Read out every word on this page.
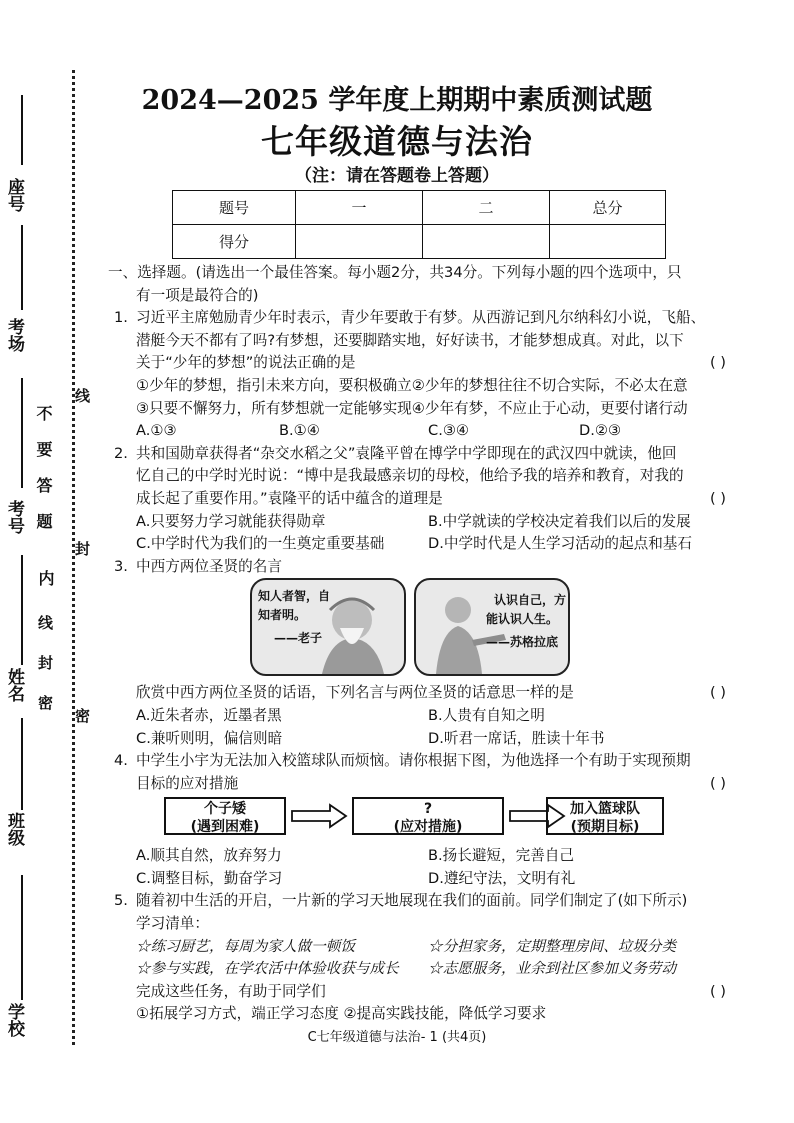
座号
考场
考号
姓名
班级
学校
不要答题
内
密
封
线
线
封
密
2024—2025 学年度上期期中素质测试题
七年级道德与法治
（注：请在答题卷上答题）
题号	一	二	总分
得分			
一、选择题。(请选出一个最佳答案。每小题2分，共34分。下列每小题的四个选项中，只
有一项是最符合的)
1. 习近平主席勉励青少年时表示，青少年要敢于有梦。从西游记到凡尔纳科幻小说，飞船、
潜艇今天不都有了吗?有梦想，还要脚踏实地，好好读书，才能梦想成真。对此，以下
关于“少年的梦想”的说法正确的是	( )
①少年的梦想，指引未来方向，要积极确立②少年的梦想往往不切合实际，不必太在意
③只要不懈努力，所有梦想就一定能够实现④少年有梦，不应止于心动，更要付诸行动
A.①③	B.①④	C.③④	D.②③
2. 共和国勋章获得者“杂交水稻之父”袁隆平曾在博学中学即现在的武汉四中就读，他回
忆自己的中学时光时说：“博中是我最感亲切的母校，他给予我的培养和教育，对我的
成长起了重要作用。”袁隆平的话中蕴含的道理是	( )
A.只要努力学习就能获得勋章	B.中学就读的学校决定着我们以后的发展
C.中学时代为我们的一生奠定重要基础	D.中学时代是人生学习活动的起点和基石
3. 中西方两位圣贤的名言
知人者智，自
知者明。
——老子
认识自己，方
能认识人生。
——苏格拉底
欣赏中西方两位圣贤的话语，下列名言与两位圣贤的话意思一样的是	( )
A.近朱者赤，近墨者黑	B.人贵有自知之明
C.兼听则明，偏信则暗	D.听君一席话，胜读十年书
4. 中学生小宇为无法加入校篮球队而烦恼。请你根据下图，为他选择一个有助于实现预期
目标的应对措施	( )
个子矮
(遇到困难)
?
(应对措施)
加入篮球队
(预期目标)
A.顺其自然，放弃努力	B.扬长避短，完善自己
C.调整目标，勤奋学习	D.遵纪守法，文明有礼
5. 随着初中生活的开启，一片新的学习天地展现在我们的面前。同学们制定了(如下所示)
学习清单：
☆练习厨艺，每周为家人做一顿饭	☆分担家务，定期整理房间、垃圾分类
☆参与实践，在学农活中体验收获与成长 ☆志愿服务，业余到社区参加义务劳动
完成这些任务，有助于同学们	( )
①拓展学习方式，端正学习态度 ②提高实践技能，降低学习要求
C七年级道德与法治- 1 (共4页)
